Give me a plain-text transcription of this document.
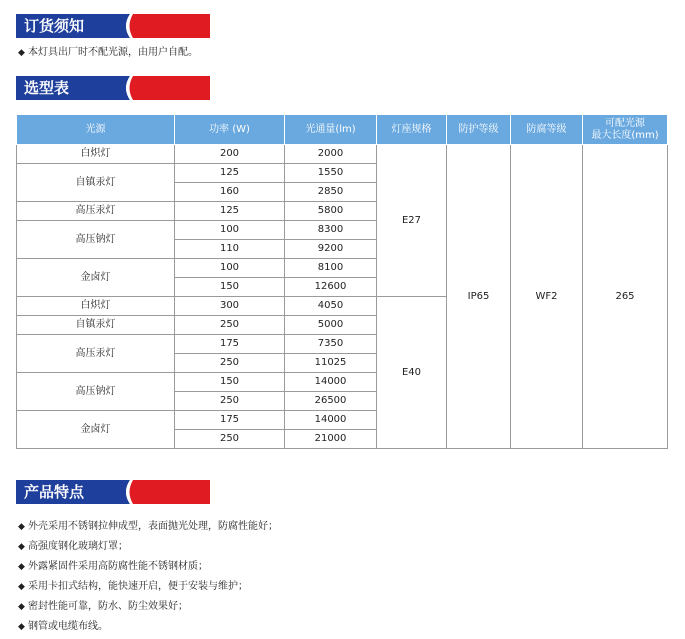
订货须知
◆ 本灯具出厂时不配光源，由用户自配。
选型表
光源	功率 (W)	光通量(lm)	灯座规格	防护等级	防腐等级	可配光源
最大长度(mm)
白炽灯	200	2000	E27	IP65	WF2	265
自镇汞灯	125	1550				
	160	2850				
高压汞灯	125	5800				
高压钠灯	100	8300				
	110	9200				
金卤灯	100	8100				
	150	12600				
白炽灯	300	4050	E40			
自镇汞灯	250	5000				
高压汞灯	175	7350				
	250	11025				
高压钠灯	150	14000				
	250	26500				
金卤灯	175	14000				
	250	21000				
产品特点
◆ 外壳采用不锈钢拉伸成型，表面抛光处理，防腐性能好；
◆ 高强度钢化玻璃灯罩；
◆ 外露紧固件采用高防腐性能不锈钢材质；
◆ 采用卡扣式结构，能快速开启，便于安装与维护；
◆ 密封性能可靠，防水、防尘效果好；
◆ 钢管或电缆布线。
